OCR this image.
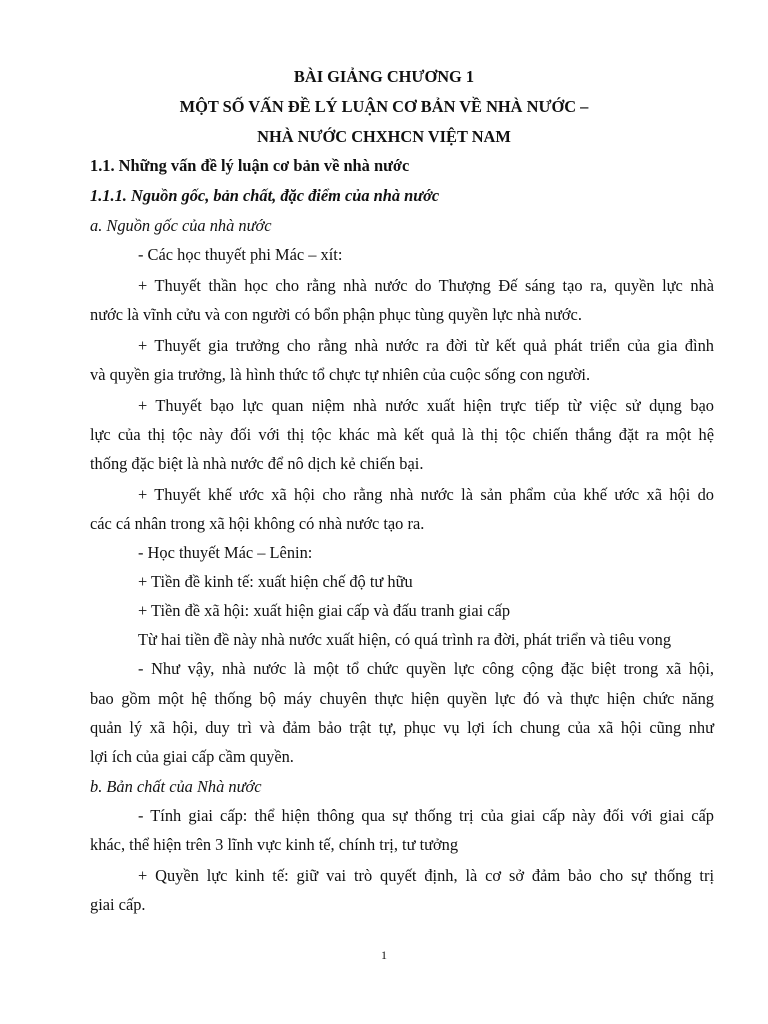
BÀI GIẢNG CHƯƠNG 1
MỘT SỐ VẤN ĐỀ LÝ LUẬN CƠ BẢN VỀ NHÀ NƯỚC –
NHÀ NƯỚC CHXHCN VIỆT NAM
1.1. Những vấn đề lý luận cơ bản về nhà nước
1.1.1. Nguồn gốc, bản chất, đặc điểm của nhà nước
a. Nguồn gốc của nhà nước
- Các học thuyết phi Mác – xít:
+ Thuyết thần học cho rằng nhà nước do Thượng Đế sáng tạo ra, quyền lực nhà
nước là vĩnh cửu và con người có bổn phận phục tùng quyền lực nhà nước.
+ Thuyết gia trưởng cho rằng nhà nước ra đời từ kết quả phát triển của gia đình
và quyền gia trưởng, là hình thức tổ chực tự nhiên của cuộc sống con người.
+ Thuyết bạo lực quan niệm nhà nước xuất hiện trực tiếp từ việc sử dụng bạo
lực của thị tộc này đối với thị tộc khác mà kết quả là thị tộc chiến thắng đặt ra một hệ
thống đặc biệt là nhà nước để nô dịch kẻ chiến bại.
+ Thuyết khế ước xã hội cho rằng nhà nước là sản phẩm của khế ước xã hội do
các cá nhân trong xã hội không có nhà nước tạo ra.
- Học thuyết Mác – Lênin:
+ Tiền đề kinh tế: xuất hiện chế độ tư hữu
+ Tiền đề xã hội: xuất hiện giai cấp và đấu tranh giai cấp
Từ hai tiền đề này nhà nước xuất hiện, có quá trình ra đời, phát triển và tiêu vong
- Như vậy, nhà nước là một tổ chức quyền lực công cộng đặc biệt trong xã hội,
bao gồm một hệ thống bộ máy chuyên thực hiện quyền lực đó và thực hiện chức năng
quản lý xã hội, duy trì và đảm bảo trật tự, phục vụ lợi ích chung của xã hội cũng như
lợi ích của giai cấp cầm quyền.
b. Bản chất của Nhà nước
- Tính giai cấp: thể hiện thông qua sự thống trị của giai cấp này đối với giai cấp
khác, thể hiện trên 3 lĩnh vực kinh tế, chính trị, tư tưởng
+ Quyền lực kinh tế: giữ vai trò quyết định, là cơ sở đảm bảo cho sự thống trị
giai cấp.
1
